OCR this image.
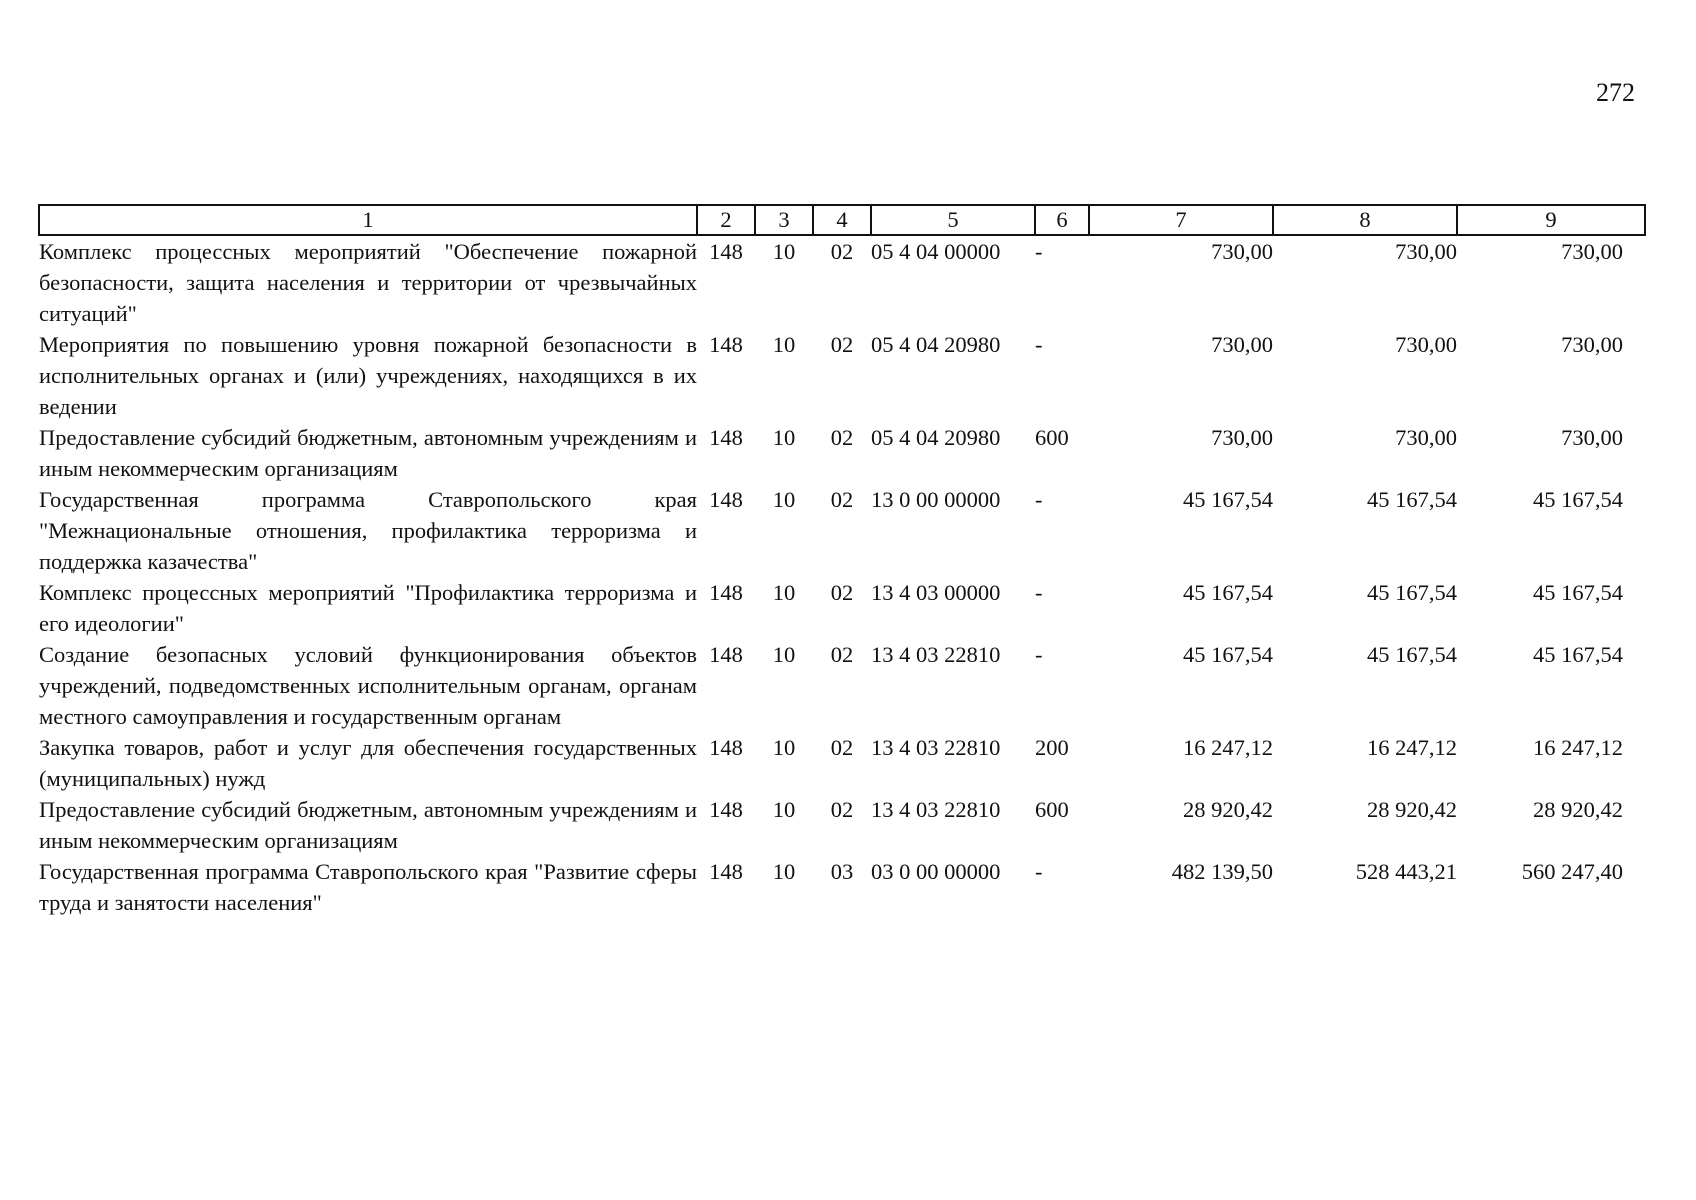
272
1	2	3	4	5	6	7	8	9
Комплекс процессных мероприятий "Обеспечение пожарной безопасности, защита населения и территории от чрезвычайных ситуаций"	148	10	02	05 4 04 00000	-	730,00	730,00	730,00
Мероприятия по повышению уровня пожарной безопасности в исполнительных органах и (или) учреждениях, находящихся в их ведении	148	10	02	05 4 04 20980	-	730,00	730,00	730,00
Предоставление субсидий бюджетным, автономным учреждениям и иным некоммерческим организациям	148	10	02	05 4 04 20980	600	730,00	730,00	730,00
Государственная программа Ставропольского края "Межнациональные отношения, профилактика терроризма и поддержка казачества"	148	10	02	13 0 00 00000	-	45 167,54	45 167,54	45 167,54
Комплекс процессных мероприятий "Профилактика терроризма и его идеологии"	148	10	02	13 4 03 00000	-	45 167,54	45 167,54	45 167,54
Создание безопасных условий функционирования объектов учреждений, подведомственных исполнительным органам, органам местного самоуправления и государственным органам	148	10	02	13 4 03 22810	-	45 167,54	45 167,54	45 167,54
Закупка товаров, работ и услуг для обеспечения государственных (муниципальных) нужд	148	10	02	13 4 03 22810	200	16 247,12	16 247,12	16 247,12
Предоставление субсидий бюджетным, автономным учреждениям и иным некоммерческим организациям	148	10	02	13 4 03 22810	600	28 920,42	28 920,42	28 920,42
Государственная программа Ставропольского края "Развитие сферы труда и занятости населения"	148	10	03	03 0 00 00000	-	482 139,50	528 443,21	560 247,40
